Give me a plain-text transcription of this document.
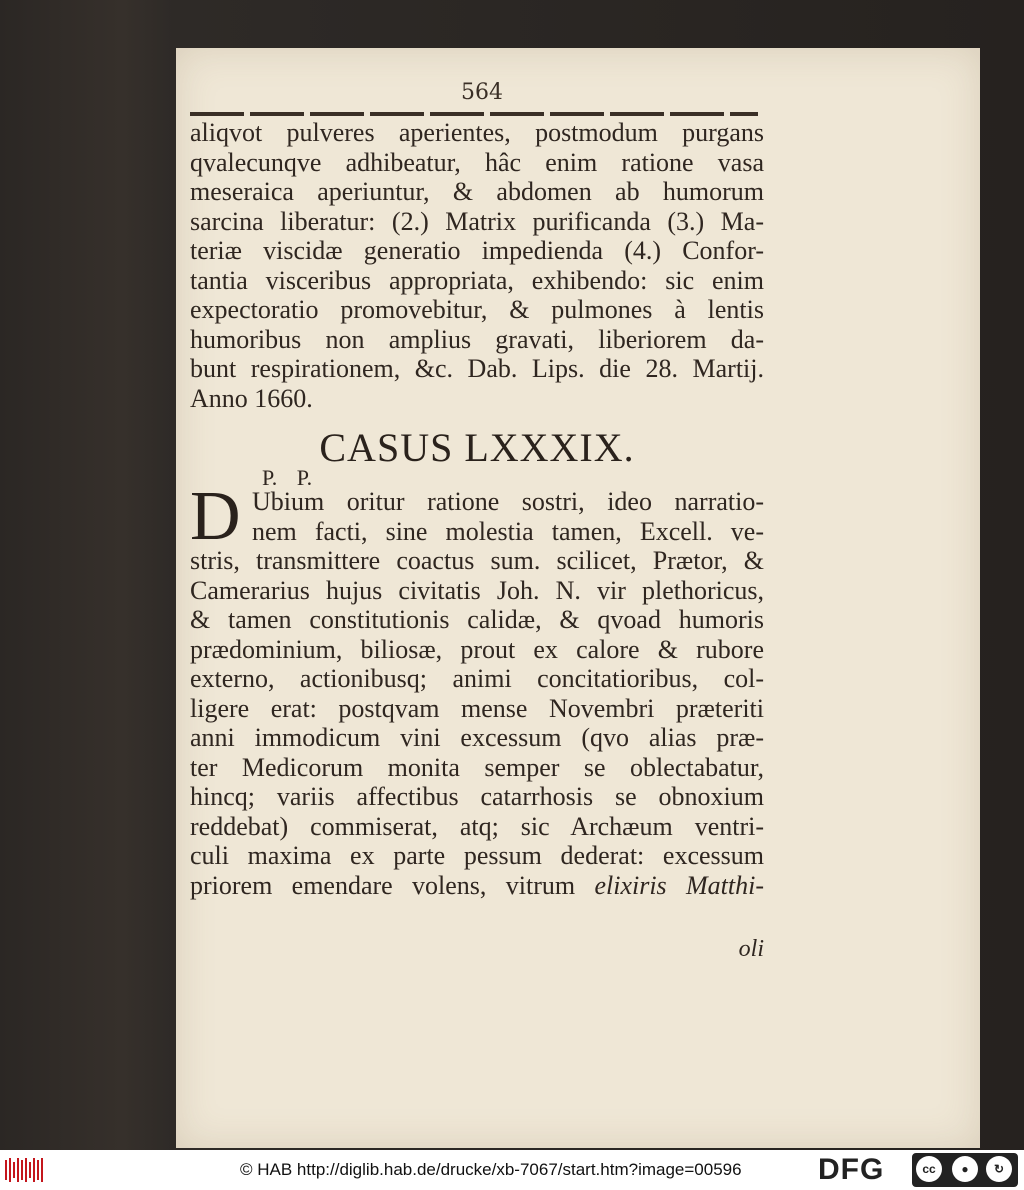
564
aliqvot pulveres aperientes, postmodum purgans
qvalecunqve adhibeatur, hâc enim ratione vasa
meseraica aperiuntur, & abdomen ab humorum
sarcina liberatur: (2.) Matrix purificanda (3.) Ma-
teriæ viscidæ generatio impedienda (4.) Confor-
tantia visceribus appropriata, exhibendo: sic enim
expectoratio promovebitur, & pulmones à lentis
humoribus non amplius gravati, liberiorem da-
bunt respirationem, &c. Dab. Lips. die 28. Martij.
Anno 1660.
CASUS LXXXIX.
P. P.
D Ubium oritur ratione sostri, ideo narratio-
nem facti, sine molestia tamen, Excell. ve-
stris, transmittere coactus sum. scilicet, Prætor, &
Camerarius hujus civitatis Joh. N. vir plethoricus,
& tamen constitutionis calidæ, & qvoad humoris
prædominium, biliosæ, prout ex calore & rubore
externo, actionibusq; animi concitatioribus, col-
ligere erat: postqvam mense Novembri præteriti
anni immodicum vini excessum (qvo alias præ-
ter Medicorum monita semper se oblectabatur,
hincq; variis affectibus catarrhosis se obnoxium
reddebat) commiserat, atq; sic Archæum ventri-
culi maxima ex parte pessum dederat: excessum
priorem emendare volens, vitrum elixiris Matthi-
oli
© HAB http://diglib.hab.de/drucke/xb-7067/start.htm?image=00596	DFG	cc	●	↻
